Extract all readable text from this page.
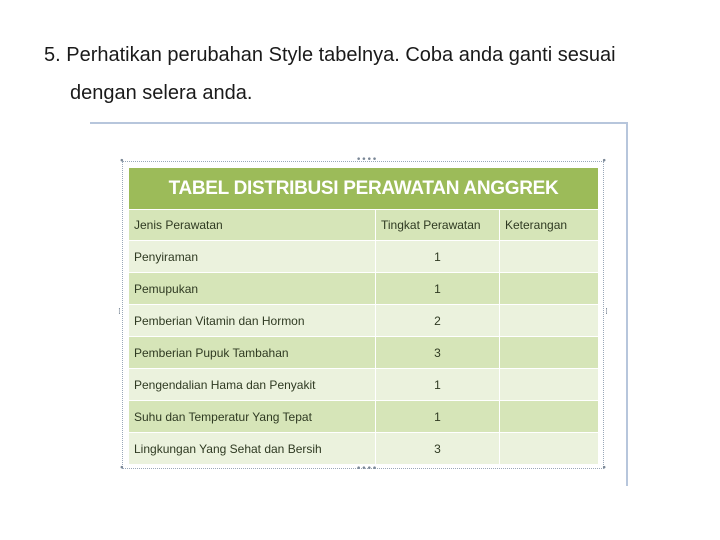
5. Perhatikan perubahan Style tabelnya. Coba anda ganti sesuai
dengan selera anda.

••••
••••
⁞	⁞
∙	∙
∙	∙
TABEL DISTRIBUSI PERAWATAN ANGGREK		
Jenis Perawatan	Tingkat Perawatan	Keterangan
Penyiraman	1	
Pemupukan	1	
Pemberian Vitamin dan Hormon	2	
Pemberian Pupuk Tambahan	3	
Pengendalian Hama dan Penyakit	1	
Suhu dan Temperatur Yang Tepat	1	
Lingkungan Yang Sehat dan Bersih	3	
